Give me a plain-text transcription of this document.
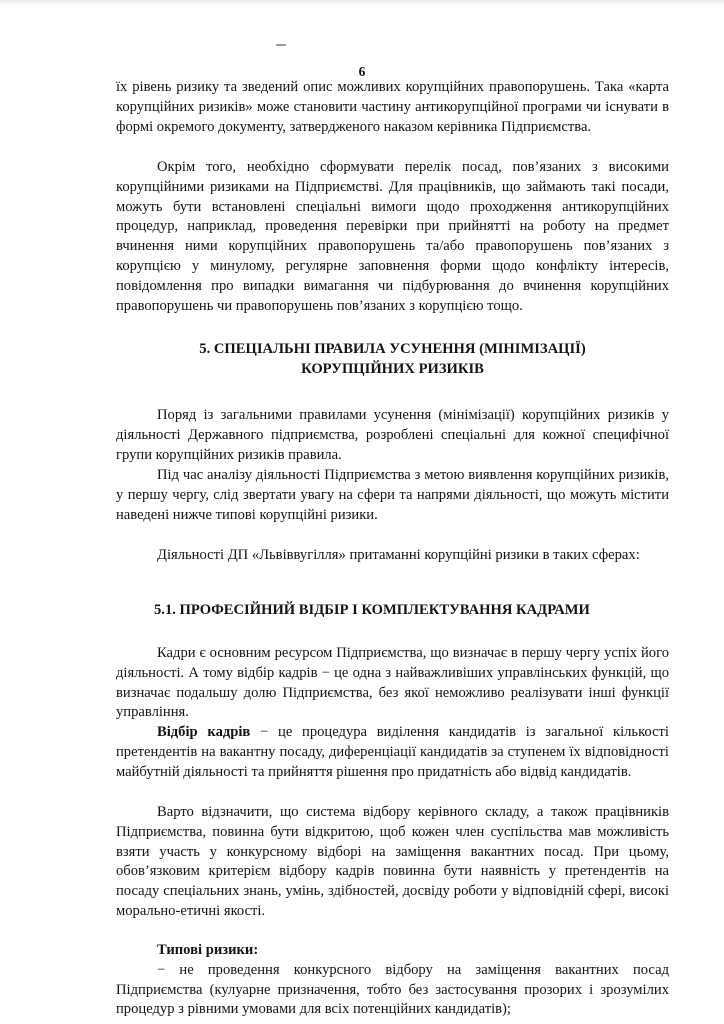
6

їх рівень ризику та зведений опис можливих корупційних правопорушень. Така «карта корупційних ризиків» може становити частину антикорупційної програми чи існувати в формі окремого документу, затвердженого наказом керівника Підприємства.

Окрім того, необхідно сформувати перелік посад, пов’язаних з високими корупційними ризиками на Підприємстві. Для працівників, що займають такі посади, можуть бути встановлені спеціальні вимоги щодо проходження антикорупційних процедур, наприклад, проведення перевірки при прийнятті на роботу на предмет вчинення ними корупційних правопорушень та/або правопорушень пов’язаних з корупцією у минулому, регулярне заповнення форми щодо конфлікту інтересів, повідомлення про випадки вимагання чи підбурювання до вчинення корупційних правопорушень чи правопорушень пов’язаних з корупцією тощо.

5. СПЕЦІАЛЬНІ ПРАВИЛА УСУНЕННЯ (МІНІМІЗАЦІЇ)

КОРУПЦІЙНИХ РИЗИКІВ

Поряд із загальними правилами усунення (мінімізації) корупційних ризиків у діяльності Державного підприємства, розроблені спеціальні для кожної специфічної групи корупційних ризиків правила.

Під час аналізу діяльності Підприємства з метою виявлення корупційних ризиків, у першу чергу, слід звертати увагу на сфери та напрями діяльності, що можуть містити наведені нижче типові корупційні ризики.

Діяльності ДП «Львіввугілля» притаманні корупційні ризики в таких сферах:

5.1. ПРОФЕСІЙНИЙ ВІДБІР І КОМПЛЕКТУВАННЯ КАДРАМИ

Кадри є основним ресурсом Підприємства, що визначає в першу чергу успіх його діяльності. А тому відбір кадрів − це одна з найважливіших управлінських функцій, що визначає подальшу долю Підприємства, без якої неможливо реалізувати інші функції управління.

Відбір кадрів − це процедура виділення кандидатів із загальної кількості претендентів на вакантну посаду, диференціації кандидатів за ступенем їх відповідності майбутній діяльності та прийняття рішення про придатність або відвід кандидатів.

Варто відзначити, що система відбору керівного складу, а також працівників Підприємства, повинна бути відкритою, щоб кожен член суспільства мав можливість взяти участь у конкурсному відборі на заміщення вакантних посад. При цьому, обов’язковим критерієм відбору кадрів повинна бути наявність у претендентів на посаду спеціальних знань, умінь, здібностей, досвіду роботи у відповідній сфері, високі морально-етичні якості.

Типові ризики:

− не проведення конкурсного відбору на заміщення вакантних посад Підприємства (кулуарне призначення, тобто без застосування прозорих і зрозумілих процедур з рівними умовами для всіх потенційних кандидатів);
